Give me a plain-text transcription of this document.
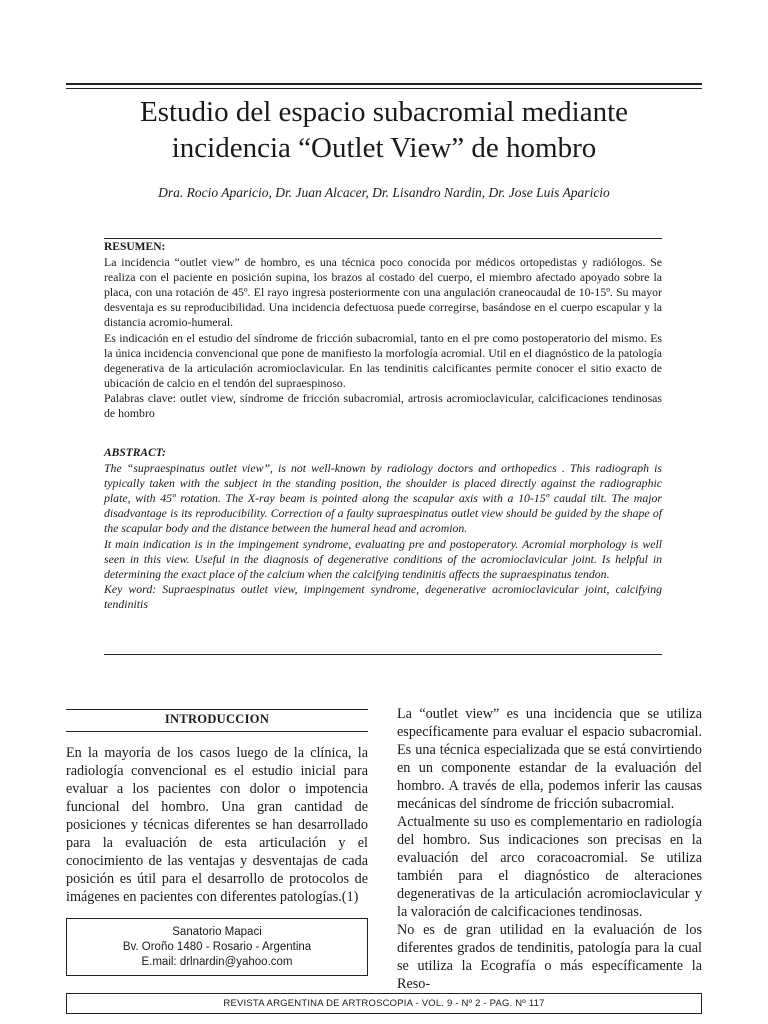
Estudio del espacio subacromial mediante
incidencia “Outlet View” de hombro
Dra. Rocio Aparicio, Dr. Juan Alcacer, Dr. Lisandro Nardin, Dr. Jose Luis Aparicio
RESUMEN:

La incidencia “outlet view” de hombro, es una técnica poco conocida por médicos ortopedistas y radiólogos. Se realiza con el paciente en posición supina, los brazos al costado del cuerpo, el miembro afectado apoyado sobre la placa, con una rotación de 45º. El rayo ingresa posteriormente con una angulación craneocaudal de 10-15º. Su mayor desventaja es su reproducibilidad. Una incidencia defectuosa puede corregirse, basándose en el cuerpo escapular y la distancia acromio-humeral.

Es indicación en el estudio del síndrome de fricción subacromial, tanto en el pre como postoperatorio del mismo. Es la única incidencia convencional que pone de manifiesto la morfología acromial. Util en el diagnóstico de la patología degenerativa de la articulación acromioclavicular. En las tendinitis calcificantes permite conocer el sitio exacto de ubicación de calcio en el tendón del supraespinoso.

Palabras clave: outlet view, síndrome de fricción subacromial, artrosis acromioclavicular, calcificaciones tendinosas de hombro

ABSTRACT:

The “supraespinatus outlet view”, is not well-known by radiology doctors and orthopedics . This radiograph is typically taken with the subject in the standing position, the shoulder is placed directly against the radiographic plate, with 45º rotation. The X-ray beam is pointed along the scapular axis with a 10-15º caudal tilt. The major disadvantage is its reproducibility. Correction of a faulty supraespinatus outlet view should be guided by the shape of the scapular body and the distance between the humeral head and acromion.

It main indication is in the impingement syndrome, evaluating pre and postoperatory. Acromial morphology is well seen in this view. Useful in the diagnosis of degenerative conditions of the acromioclavicular joint. Is helpful in determining the exact place of the calcium when the calcifying tendinitis affects the supraespinatus tendon.

Key word: Supraespinatus outlet view, impingement syndrome, degenerative acromioclavicular joint, calcifying tendinitis

INTRODUCCION

En la mayoría de los casos luego de la clínica, la radiología convencional es el estudio inicial para evaluar a los pacientes con dolor o impotencia funcional del hombro. Una gran cantidad de posiciones y técnicas diferentes se han desarrollado para la evaluación de esta articulación y el conocimiento de las ventajas y desventajas de cada posición es útil para el desarrollo de protocolos de imágenes en pacientes con diferentes patologías.(1)

Sanatorio Mapaci
Bv. Oroño 1480 - Rosario - Argentina
E.mail: drlnardin@yahoo.com

La “outlet view” es una incidencia que se utiliza específicamente para evaluar el espacio subacromial. Es una técnica especializada que se está convirtiendo en un componente estandar de la evaluación del hombro. A través de ella, podemos inferir las causas mecánicas del síndrome de fricción subacromial.

Actualmente su uso es complementario en radiología del hombro. Sus indicaciones son precisas en la evaluación del arco coracoacromial. Se utiliza también para el diagnóstico de alteraciones degenerativas de la articulación acromioclavicular y la valoración de calcificaciones tendinosas.

No es de gran utilidad en la evaluación de los diferentes grados de tendinitis, patología para la cual se utiliza la Ecografía o más específicamente la Reso-

REVISTA ARGENTINA DE ARTROSCOPIA - VOL. 9 - Nº 2 - PAG. Nº 117
